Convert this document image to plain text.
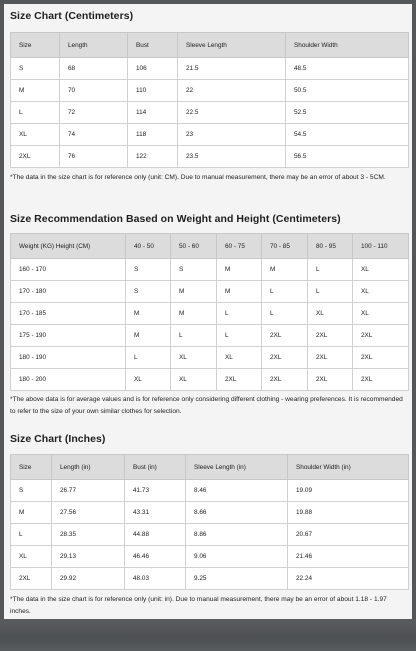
Size Chart (Centimeters)
Size	Length	Bust	Sleeve Length	Shoulder Width
S	68	106	21.5	48.5
M	70	110	22	50.5
L	72	114	22.5	52.5
XL	74	118	23	54.5
2XL	76	122	23.5	56.5

*The data in the size chart is for reference only (unit: CM). Due to manual measurement, there may be an error of about 3 - 5CM.

Size Recommendation Based on Weight and Height (Centimeters)
Weight (KG) Height (CM)	40 - 50	50 - 60	60 - 75	70 - 85	80 - 95	100 - 110
160 - 170	S	S	M	M	L	XL
170 - 180	S	M	M	L	L	XL
170 - 185	M	M	L	L	XL	XL
175 - 190	M	L	L	2XL	2XL	2XL
180 - 190	L	XL	XL	2XL	2XL	2XL
180 - 200	XL	XL	2XL	2XL	2XL	2XL

*The above data is for average values and is for reference only considering different clothing - wearing preferences. It is recommended to refer to the size of your own similar clothes for selection.

Size Chart (Inches)
Size	Length (in)	Bust (in)	Sleeve Length (in)	Shoulder Width (in)
S	26.77	41.73	8.46	19.09
M	27.56	43.31	8.66	19.88
L	28.35	44.88	8.86	20.67
XL	29.13	46.46	9.06	21.46
2XL	29.92	48.03	9.25	22.24

*The data in the size chart is for reference only (unit: in). Due to manual measurement, there may be an error of about 1.18 - 1.97 inches.
